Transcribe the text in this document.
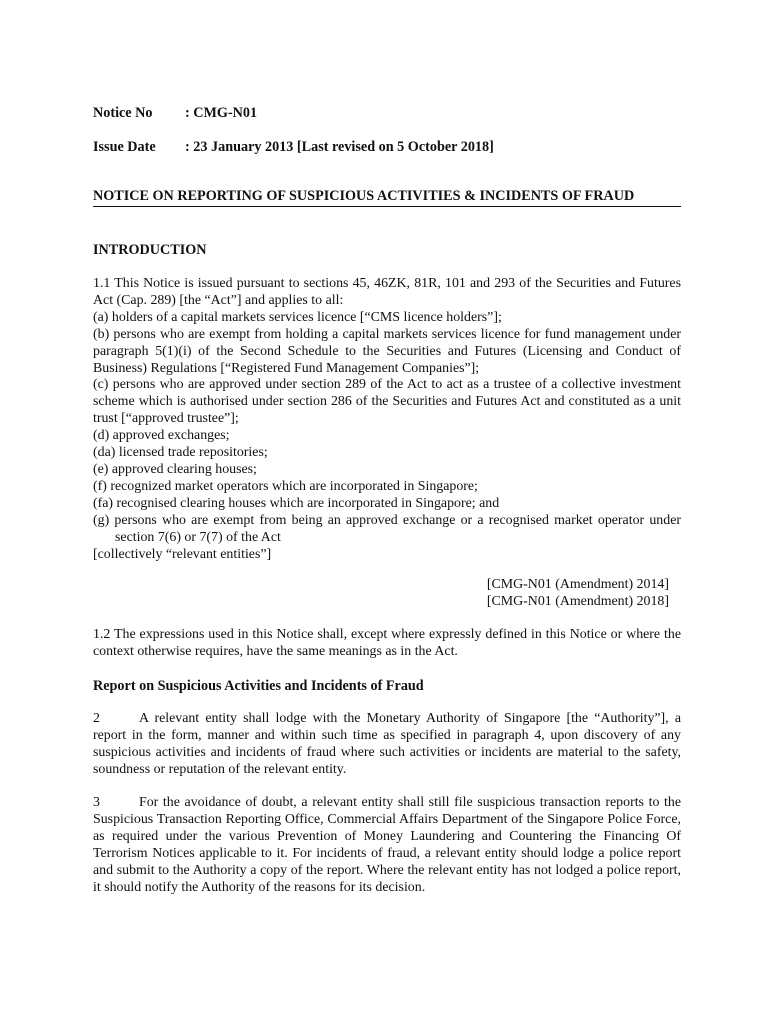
Notice No : CMG-N01
Issue Date : 23 January 2013 [Last revised on 5 October 2018]
NOTICE ON REPORTING OF SUSPICIOUS ACTIVITIES & INCIDENTS OF FRAUD
INTRODUCTION
1.1 This Notice is issued pursuant to sections 45, 46ZK, 81R, 101 and 293 of the Securities and Futures Act (Cap. 289) [the “Act”] and applies to all:
(a) holders of a capital markets services licence [“CMS licence holders”];
(b) persons who are exempt from holding a capital markets services licence for fund management under paragraph 5(1)(i) of the Second Schedule to the Securities and Futures (Licensing and Conduct of Business) Regulations [“Registered Fund Management Companies”];
(c) persons who are approved under section 289 of the Act to act as a trustee of a collective investment scheme which is authorised under section 286 of the Securities and Futures Act and constituted as a unit trust [“approved trustee”];
(d) approved exchanges;
(da) licensed trade repositories;
(e) approved clearing houses;
(f) recognized market operators which are incorporated in Singapore;
(fa) recognised clearing houses which are incorporated in Singapore; and
(g) persons who are exempt from being an approved exchange or a recognised market operator under section 7(6) or 7(7) of the Act
[collectively “relevant entities”]
[CMG-N01 (Amendment) 2014]
[CMG-N01 (Amendment) 2018]
1.2 The expressions used in this Notice shall, except where expressly defined in this Notice or where the context otherwise requires, have the same meanings as in the Act.
Report on Suspicious Activities and Incidents of Fraud
2	A relevant entity shall lodge with the Monetary Authority of Singapore [the “Authority”], a report in the form, manner and within such time as specified in paragraph 4, upon discovery of any suspicious activities and incidents of fraud where such activities or incidents are material to the safety, soundness or reputation of the relevant entity.
3	For the avoidance of doubt, a relevant entity shall still file suspicious transaction reports to the Suspicious Transaction Reporting Office, Commercial Affairs Department of the Singapore Police Force, as required under the various Prevention of Money Laundering and Countering the Financing Of Terrorism Notices applicable to it. For incidents of fraud, a relevant entity should lodge a police report and submit to the Authority a copy of the report. Where the relevant entity has not lodged a police report, it should notify the Authority of the reasons for its decision.
